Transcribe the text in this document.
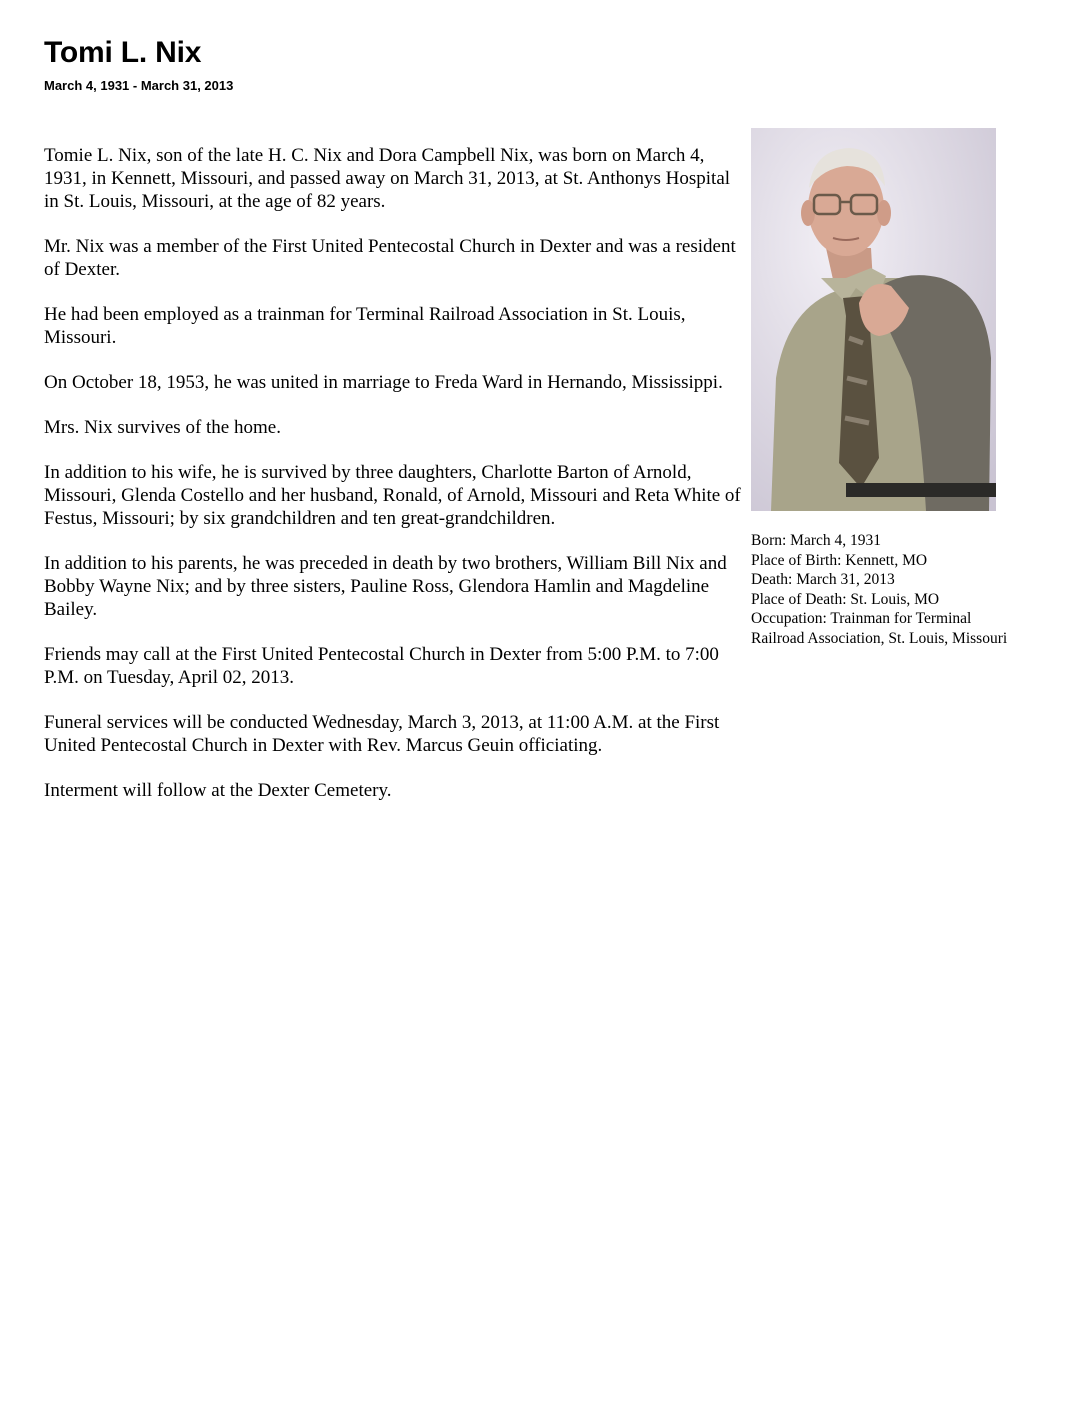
Tomi L. Nix
March 4, 1931 - March 31, 2013

Tomie L. Nix, son of the late H. C. Nix and Dora Campbell Nix, was born on March 4, 1931, in Kennett, Missouri, and passed away on March 31, 2013, at St. Anthonys Hospital in St. Louis, Missouri, at the age of 82 years.

Mr. Nix was a member of the First United Pentecostal Church in Dexter and was a resident of Dexter.

He had been employed as a trainman for Terminal Railroad Association in St. Louis, Missouri.

On October 18, 1953, he was united in marriage to Freda Ward in Hernando, Mississippi.

Mrs. Nix survives of the home.

In addition to his wife, he is survived by three daughters, Charlotte Barton of Arnold, Missouri, Glenda Costello and her husband, Ronald, of Arnold, Missouri and Reta White of Festus, Missouri; by six grandchildren and ten great-grandchildren.

In addition to his parents, he was preceded in death by two brothers, William Bill Nix and Bobby Wayne Nix; and by three sisters, Pauline Ross, Glendora Hamlin and Magdeline Bailey.

Friends may call at the First United Pentecostal Church in Dexter from 5:00 P.M. to 7:00 P.M. on Tuesday, April 02, 2013.

Funeral services will be conducted Wednesday, March 3, 2013, at 11:00 A.M. at the First United Pentecostal Church in Dexter with Rev. Marcus Geuin officiating.

Interment will follow at the Dexter Cemetery.

Born: March 4, 1931
Place of Birth: Kennett, MO
Death: March 31, 2013
Place of Death: St. Louis, MO
Occupation: Trainman for Terminal Railroad Association, St. Louis, Missouri
